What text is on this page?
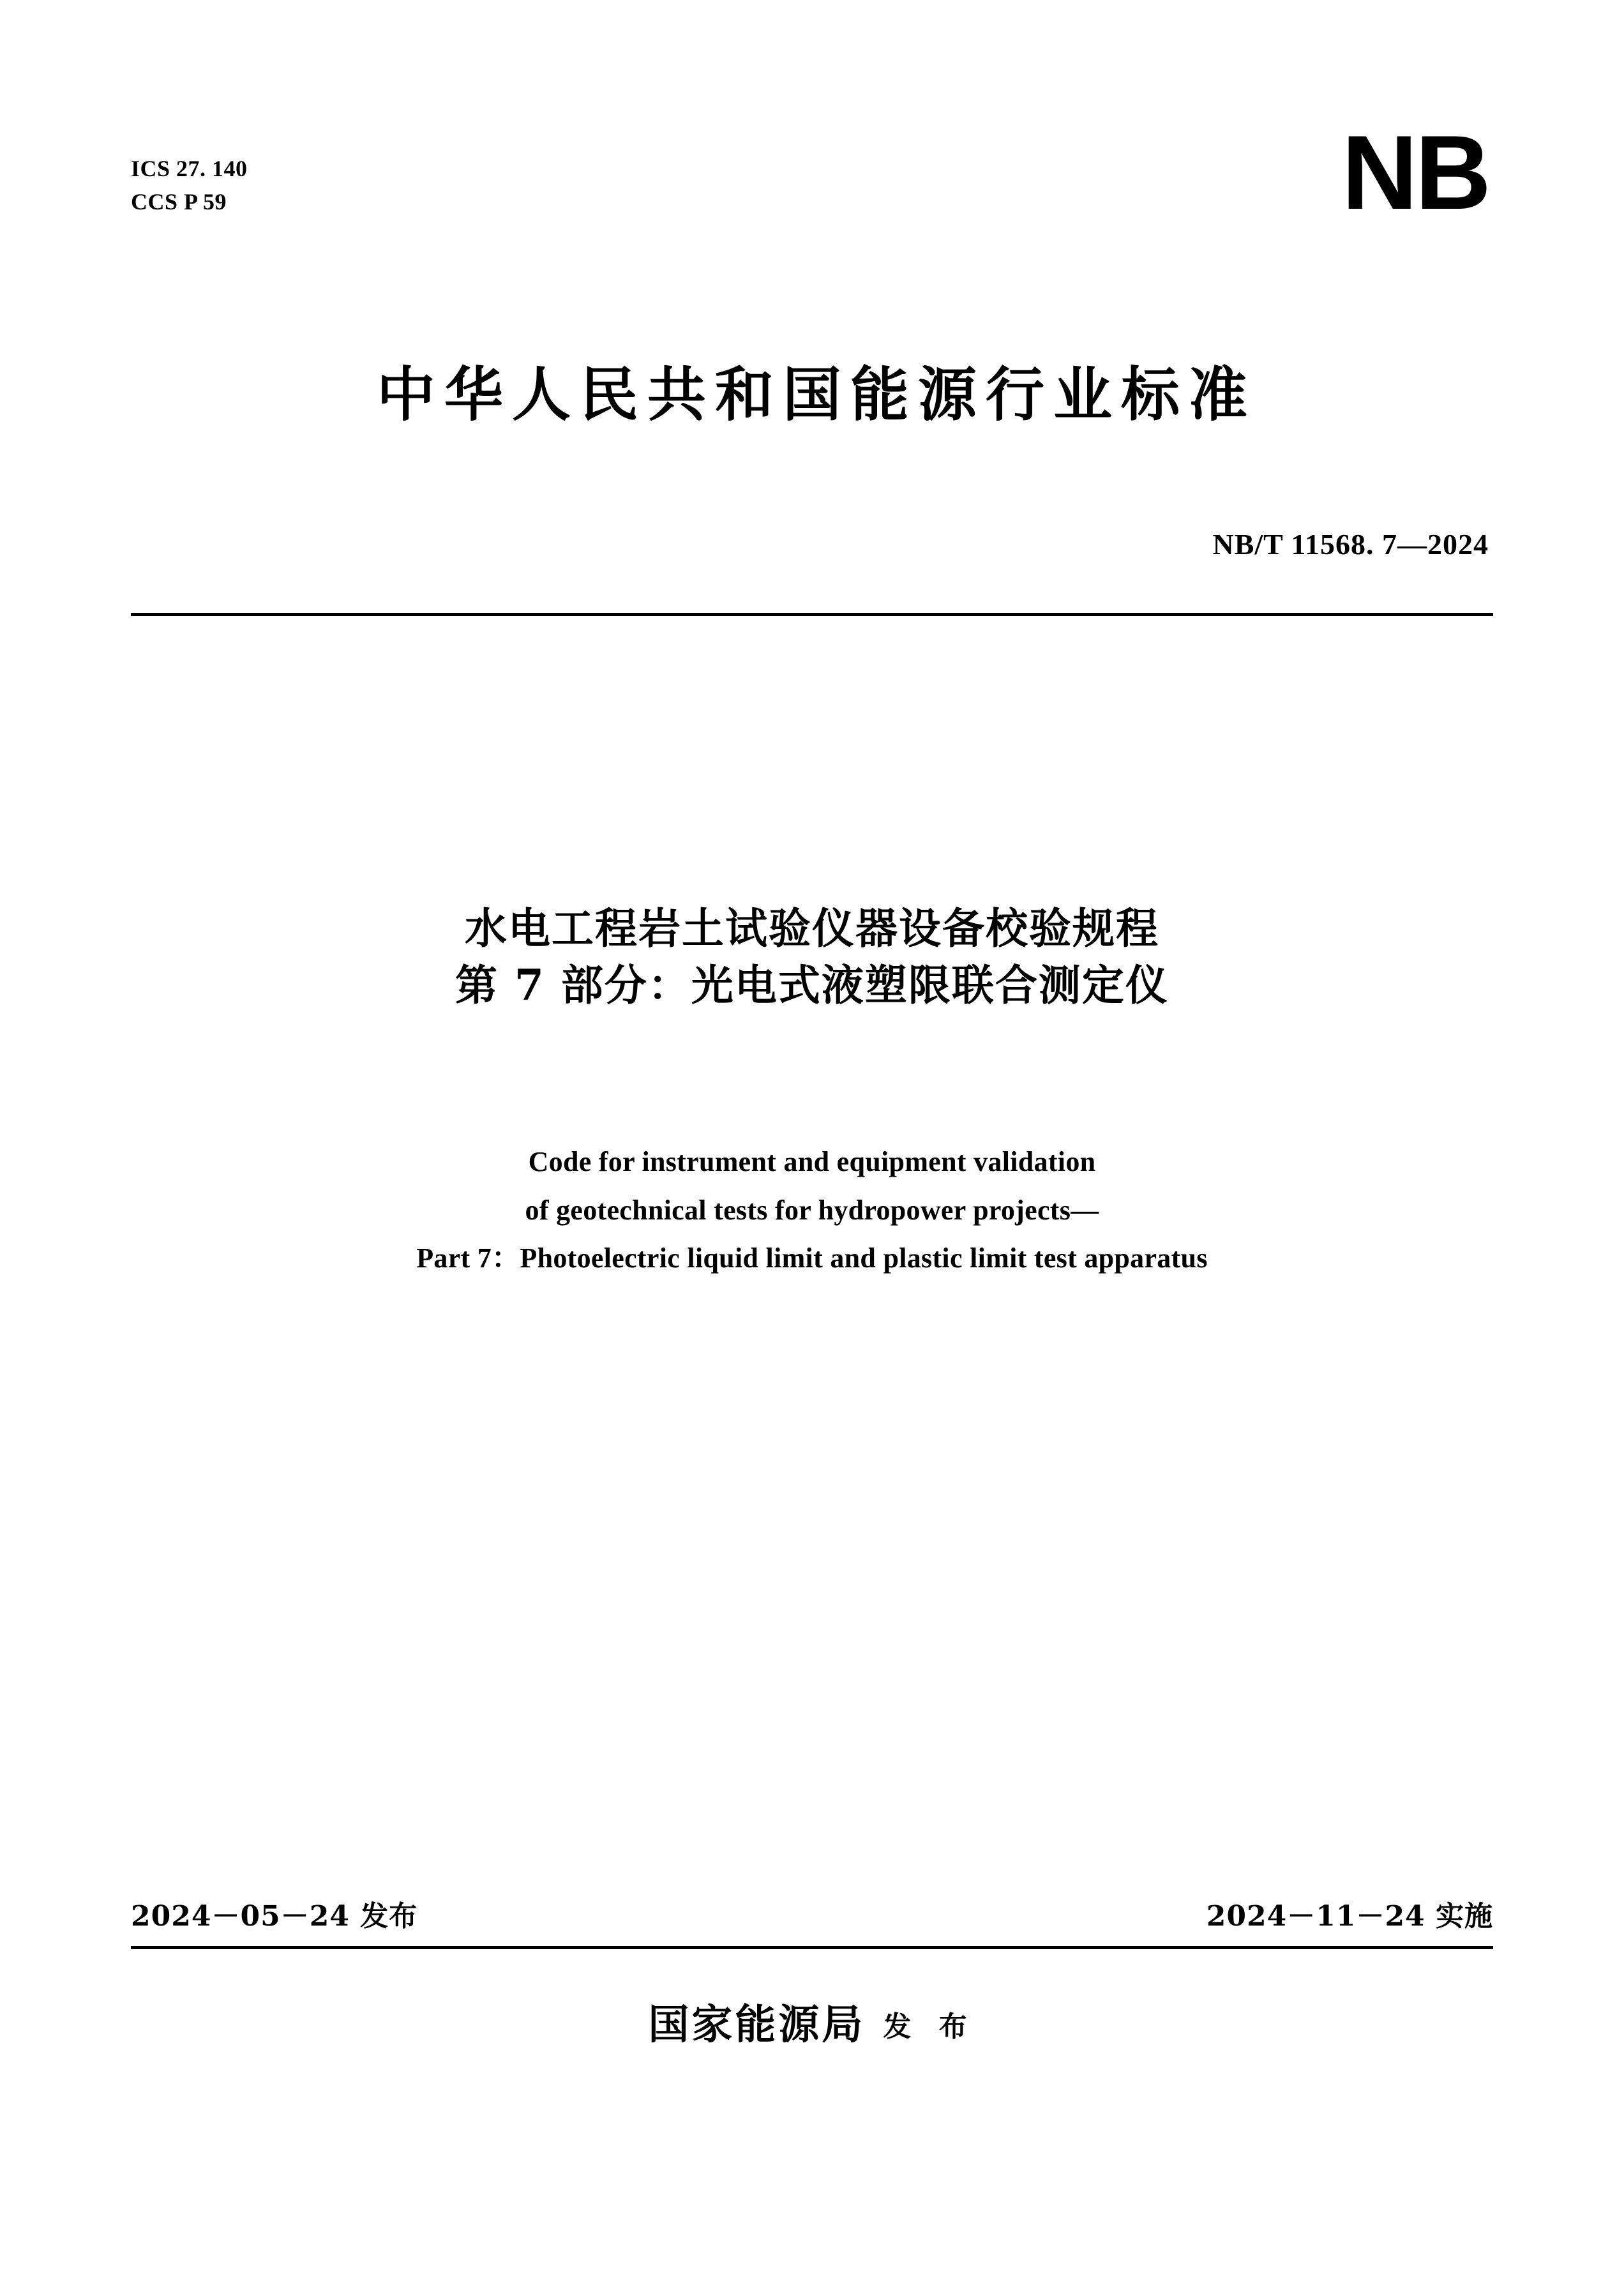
ICS 27. 140
CCS P 59	NB
中华人民共和国能源行业标准
NB/T 11568. 7—2024
水电工程岩土试验仪器设备校验规程
第 7 部分：光电式液塑限联合测定仪
Code for instrument and equipment validation
of geotechnical tests for hydropower projects—
Part 7：Photoelectric liquid limit and plastic limit test apparatus
2024－05－24 发布	2024－11－24 实施
国家能源局 发 布
